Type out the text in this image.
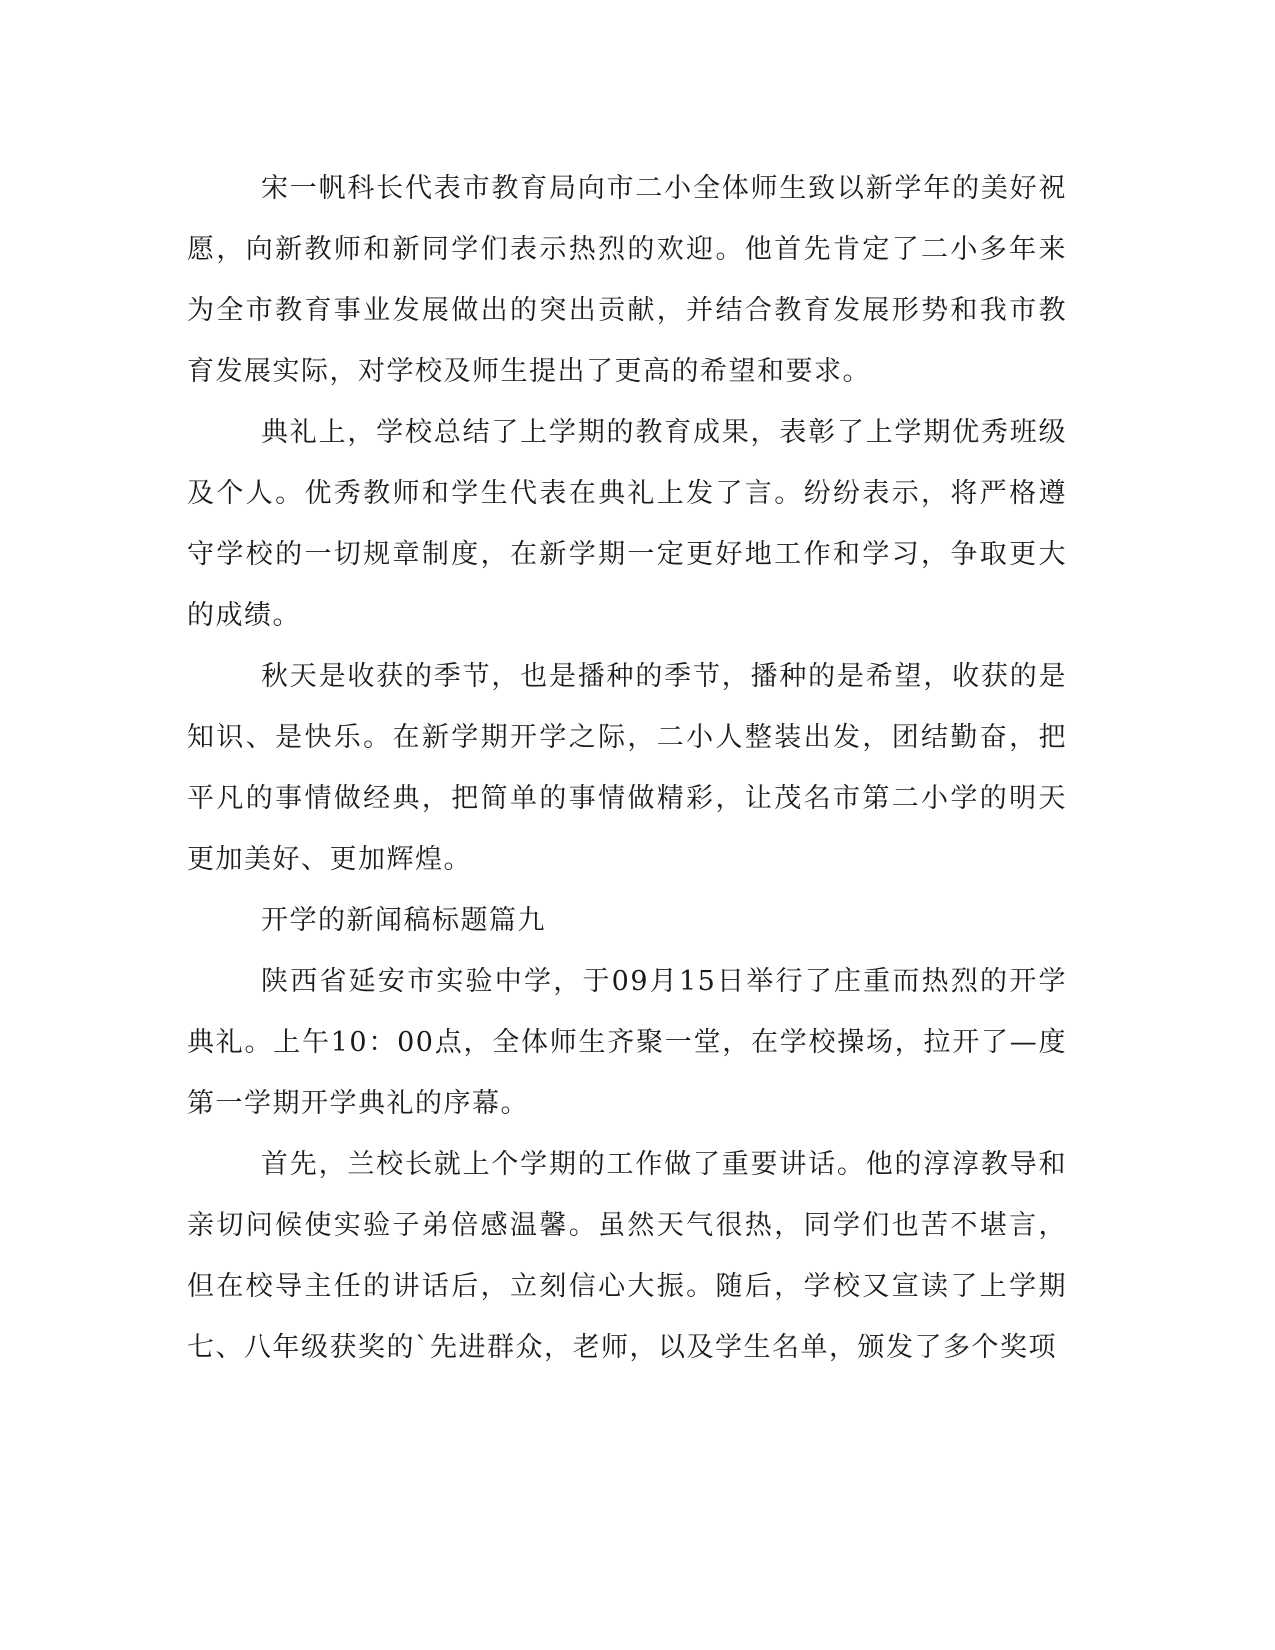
宋一帆科长代表市教育局向市二小全体师生致以新学年的美好祝愿，向新教师和新同学们表示热烈的欢迎。他首先肯定了二小多年来为全市教育事业发展做出的突出贡献，并结合教育发展形势和我市教育发展实际，对学校及师生提出了更高的希望和要求。

典礼上，学校总结了上学期的教育成果，表彰了上学期优秀班级及个人。优秀教师和学生代表在典礼上发了言。纷纷表示，将严格遵守学校的一切规章制度，在新学期一定更好地工作和学习，争取更大的成绩。

秋天是收获的季节，也是播种的季节，播种的是希望，收获的是知识、是快乐。在新学期开学之际，二小人整装出发，团结勤奋，把平凡的事情做经典，把简单的事情做精彩，让茂名市第二小学的明天更加美好、更加辉煌。

开学的新闻稿标题篇九

陕西省延安市实验中学，于09月15日举行了庄重而热烈的开学典礼。上午10：00点，全体师生齐聚一堂，在学校操场，拉开了—度第一学期开学典礼的序幕。

首先，兰校长就上个学期的工作做了重要讲话。他的淳淳教导和亲切问候使实验子弟倍感温馨。虽然天气很热，同学们也苦不堪言，但在校导主任的讲话后，立刻信心大振。随后，学校又宣读了上学期七、八年级获奖的`先进群众，老师，以及学生名单，颁发了多个奖项
